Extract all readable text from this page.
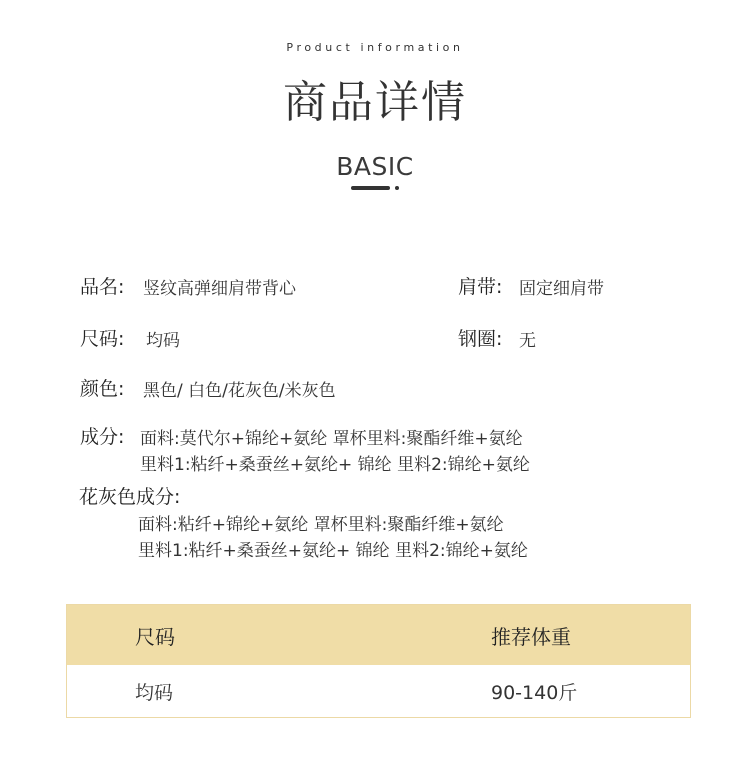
Product information
商品详情
BASIC
品名: 竖纹高弹细肩带背心	肩带: 固定细肩带
尺码: 均码	钢圈: 无
颜色: 黑色/ 白色/花灰色/米灰色
成分: 面料:莫代尔+锦纶+氨纶 罩杯里料:聚酯纤维+氨纶
里料1:粘纤+桑蚕丝+氨纶+ 锦纶 里料2:锦纶+氨纶
花灰色成分:
面料:粘纤+锦纶+氨纶 罩杯里料:聚酯纤维+氨纶
里料1:粘纤+桑蚕丝+氨纶+ 锦纶 里料2:锦纶+氨纶
尺码	推荐体重
均码	90-140斤
